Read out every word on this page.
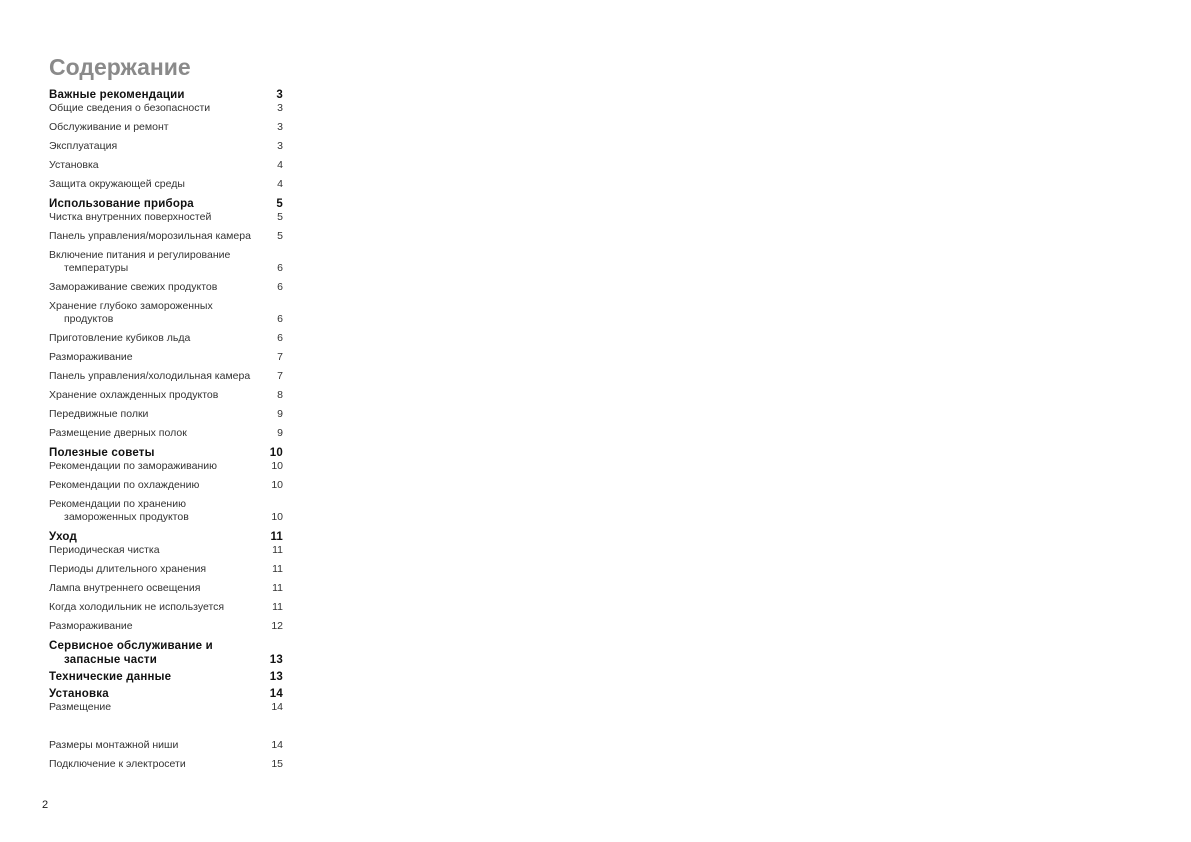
Содержание
Важные рекомендации	3
Общие сведения о безопасности	3
Обслуживание и ремонт	3
Эксплуатация	3
Установка	4
Защита окружающей среды	4
Использование прибора	5
Чистка внутренних поверхностей	5
Панель управления/морозильная камера	5
Включение питания и регулирование
температуры	6
Замораживание свежих продуктов	6
Хранение глубоко замороженных
продуктов	6
Приготовление кубиков льда	6
Размораживание	7
Панель управления/холодильная камера	7
Хранение охлажденных продуктов	8
Передвижные полки	9
Размещение дверных полок	9
Полезные советы	10
Рекомендации по замораживанию	10
Рекомендации по охлаждению	10
Рекомендации по хранению
замороженных продуктов	10
Уход	11
Периодическая чистка	11
Периоды длительного хранения	11
Лампа внутреннего освещения	11
Когда холодильник не используется	11
Размораживание	12
Сервисное обслуживание и
запасные части	13
Технические данные	13
Установка	14
Размещение	14
Размеры монтажной ниши	14
Подключение к электросети	15
2
